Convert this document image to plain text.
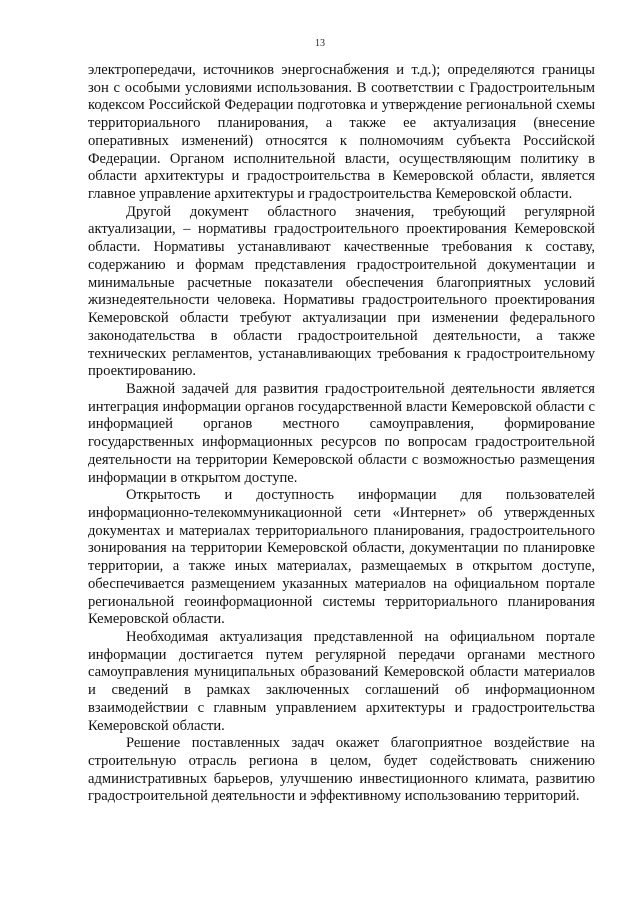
13

электропередачи, источников энергоснабжения и т.д.); определяются границы зон с особыми условиями использования. В соответствии с Градостроительным кодексом Российской Федерации подготовка и утверждение региональной схемы территориального планирования, а также ее актуализация (внесение оперативных изменений) относятся к полномочиям субъекта Российской Федерации. Органом исполнительной власти, осуществляющим политику в области архитектуры и градостроительства в Кемеровской области, является главное управление архитектуры и градостроительства Кемеровской области.

Другой документ областного значения, требующий регулярной актуализации, – нормативы градостроительного проектирования Кемеровской области. Нормативы устанавливают качественные требования к составу, содержанию и формам представления градостроительной документации и минимальные расчетные показатели обеспечения благоприятных условий жизнедеятельности человека. Нормативы градостроительного проектирования Кемеровской области требуют актуализации при изменении федерального законодательства в области градостроительной деятельности, а также технических регламентов, устанавливающих требования к градостроительному проектированию.

Важной задачей для развития градостроительной деятельности является интеграция информации органов государственной власти Кемеровской области с информацией органов местного самоуправления, формирование государственных информационных ресурсов по вопросам градостроительной деятельности на территории Кемеровской области с возможностью размещения информации в открытом доступе.

Открытость и доступность информации для пользователей информационно-телекоммуникационной сети «Интернет» об утвержденных документах и материалах территориального планирования, градостроительного зонирования на территории Кемеровской области, документации по планировке территории, а также иных материалах, размещаемых в открытом доступе, обеспечивается размещением указанных материалов на официальном портале региональной геоинформационной системы территориального планирования Кемеровской области.

Необходимая актуализация представленной на официальном портале информации достигается путем регулярной передачи органами местного самоуправления муниципальных образований Кемеровской области материалов и сведений в рамках заключенных соглашений об информационном взаимодействии с главным управлением архитектуры и градостроительства Кемеровской области.

Решение поставленных задач окажет благоприятное воздействие на строительную отрасль региона в целом, будет содействовать снижению административных барьеров, улучшению инвестиционного климата, развитию градостроительной деятельности и эффективному использованию территорий.
